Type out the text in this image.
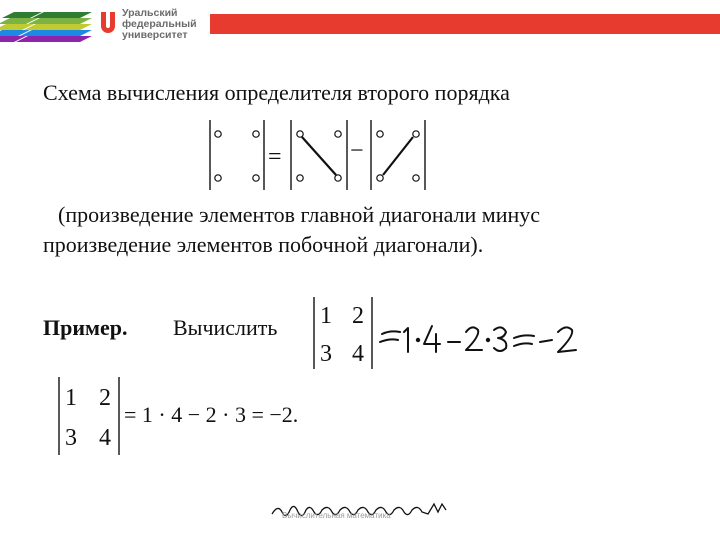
Уральский
федеральный
университет
Схема вычисления определителя второго порядка
=	−
(произведение элементов главной диагонали минус
произведение элементов побочной диагонали).
Пример. Вычислить 1 2
3 4
1 2
3 4
= 1 · 4 − 2 · 3 = −2.
Вычислительная математика
